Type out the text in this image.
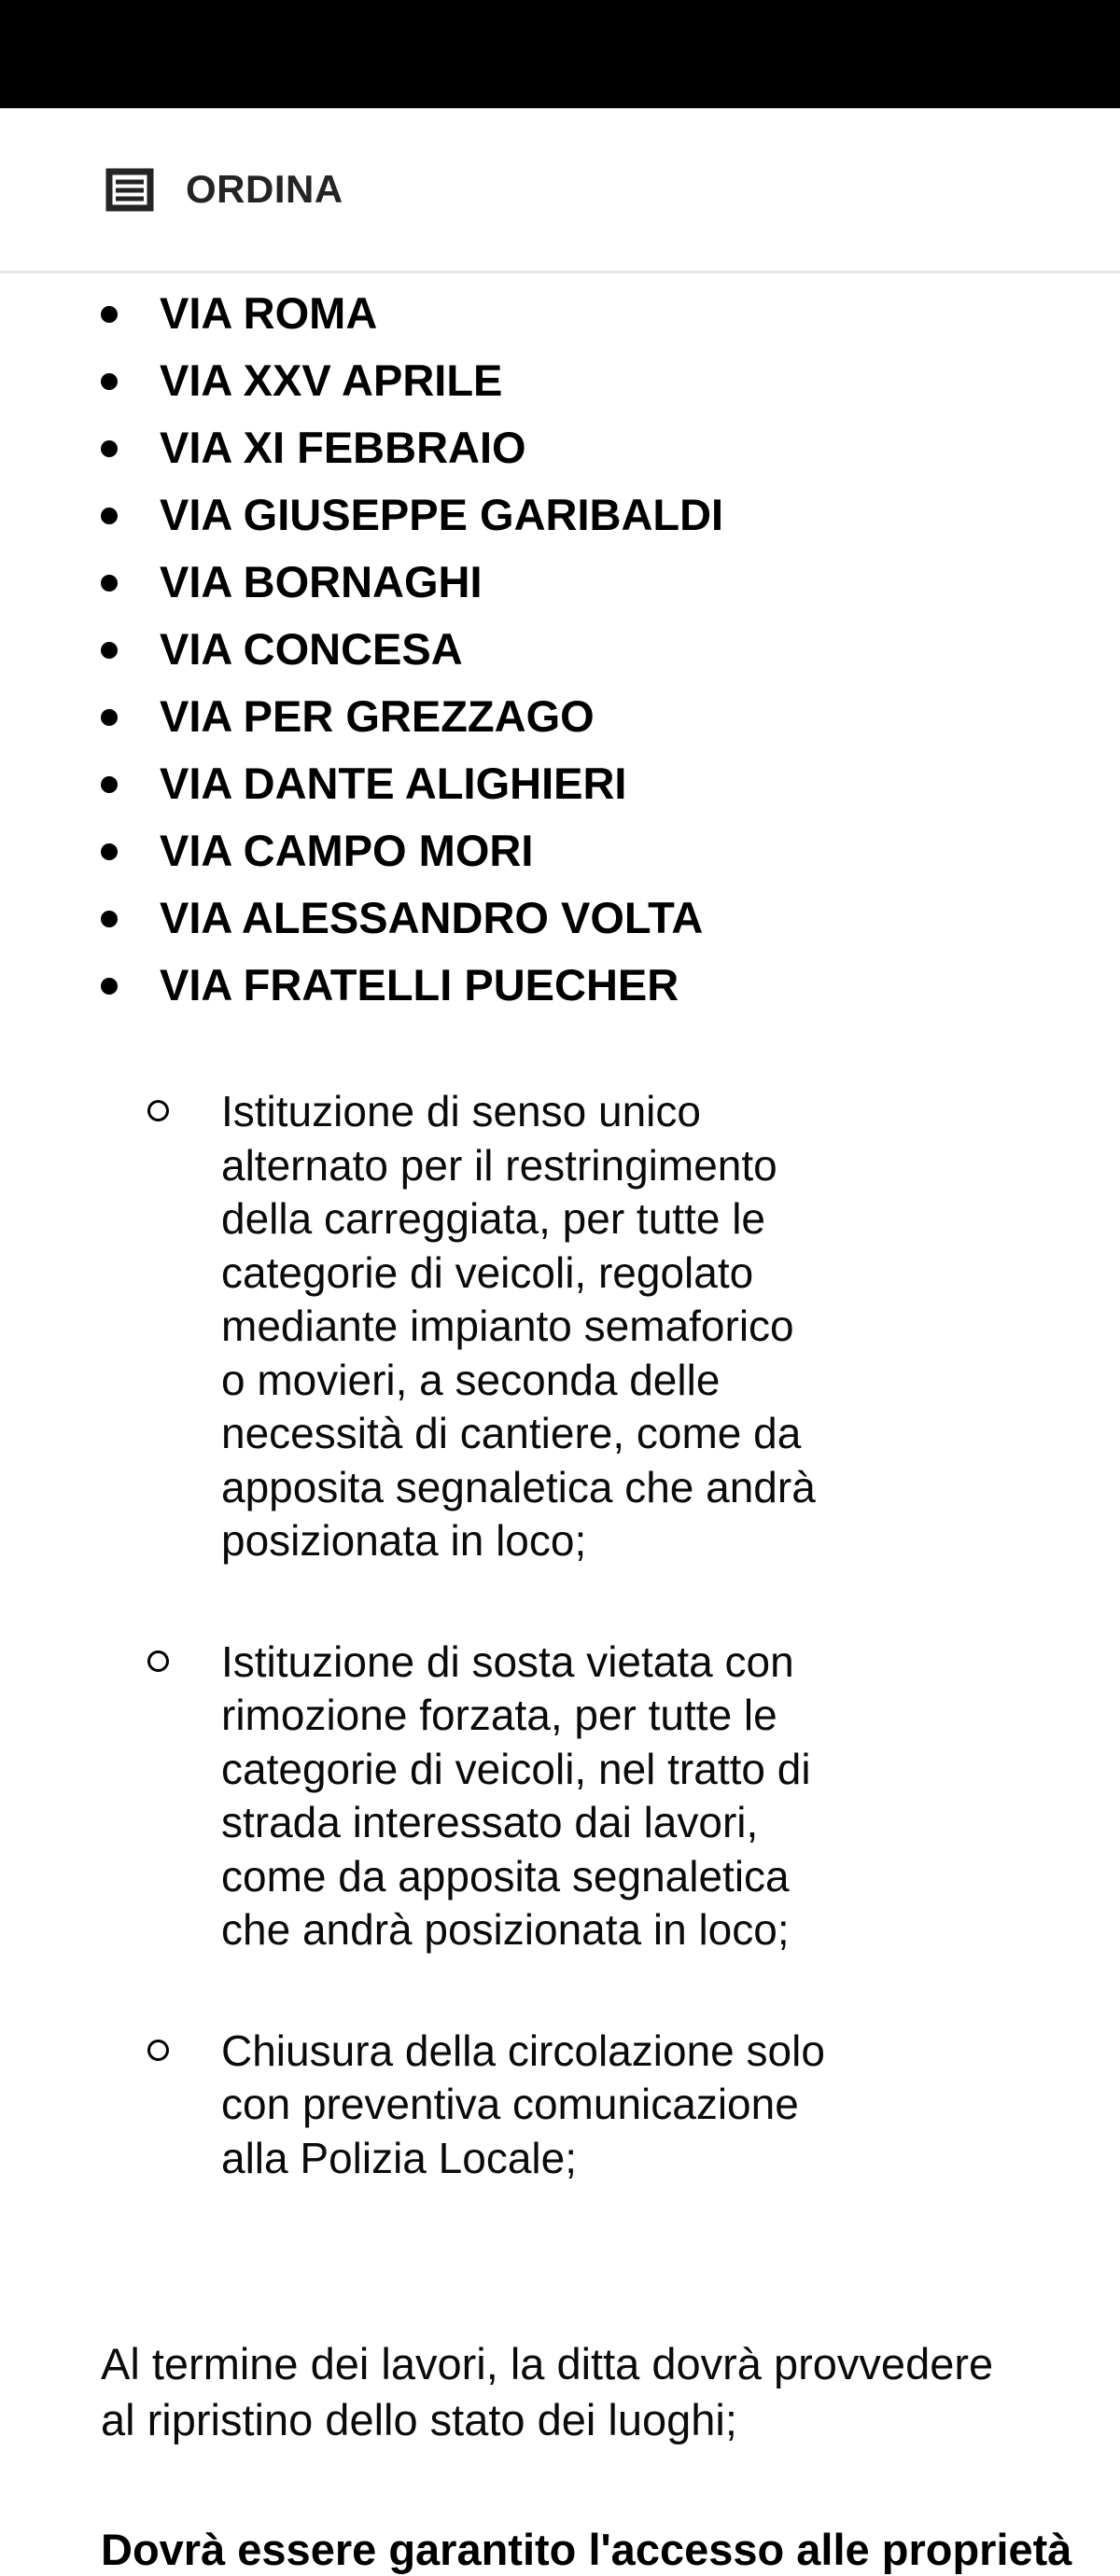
ORDINA
VIA ROMA
VIA XXV APRILE
VIA XI FEBBRAIO
VIA GIUSEPPE GARIBALDI
VIA BORNAGHI
VIA CONCESA
VIA PER GREZZAGO
VIA DANTE ALIGHIERI
VIA CAMPO MORI
VIA ALESSANDRO VOLTA
VIA FRATELLI PUECHER
Istituzione di senso unico
alternato per il restringimento
della carreggiata, per tutte le
categorie di veicoli, regolato
mediante impianto semaforico
o movieri, a seconda delle
necessità di cantiere, come da
apposita segnaletica che andrà
posizionata in loco;
Istituzione di sosta vietata con
rimozione forzata, per tutte le
categorie di veicoli, nel tratto di
strada interessato dai lavori,
come da apposita segnaletica
che andrà posizionata in loco;
Chiusura della circolazione solo
con preventiva comunicazione
alla Polizia Locale;
Al termine dei lavori, la ditta dovrà provvedere
al ripristino dello stato dei luoghi;
Dovrà essere garantito l'accesso alle proprietà
